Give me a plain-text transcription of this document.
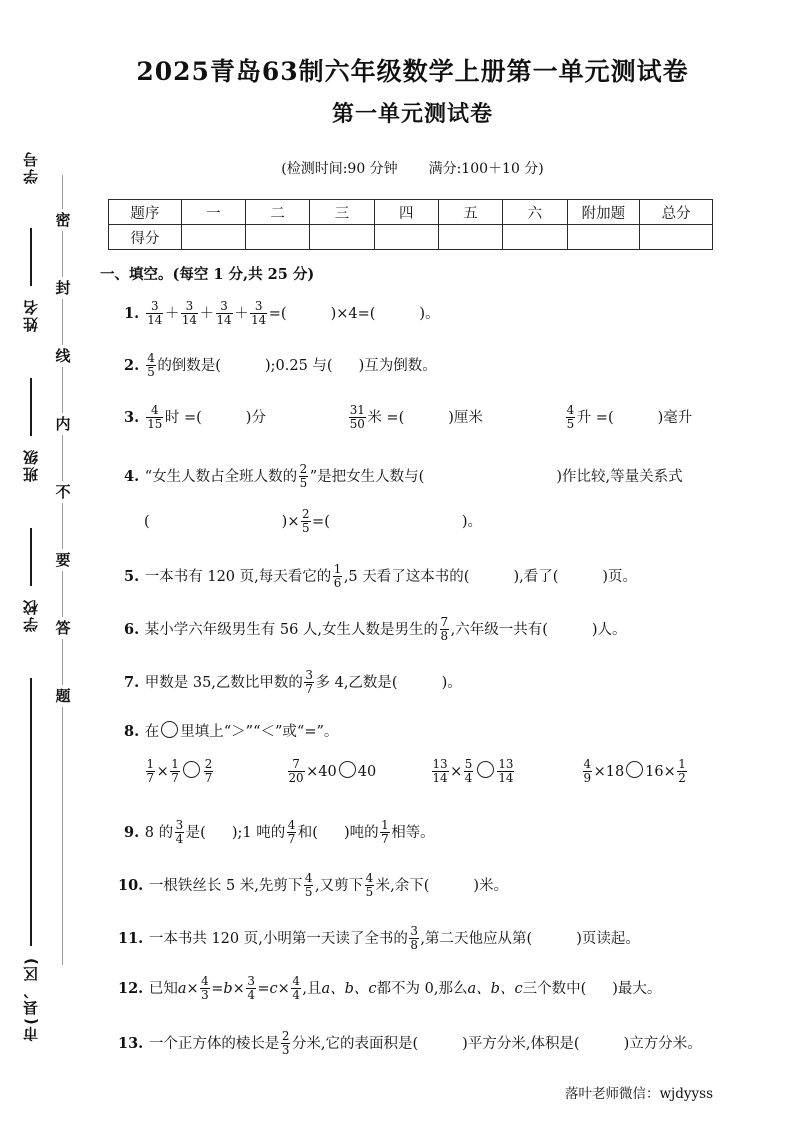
学号
姓名
班级
学校
市(县、区)
密
封
线
内
不
要
答
题
2025青岛63制六年级数学上册第一单元测试卷
第一单元测试卷
(检测时间:90 分钟 满分:100＋10 分)
题序	一	二	三	四	五	六	附加题	总分
得分								
一、填空。(每空 1 分,共 25 分)
1. $\frac{3}{14} + \frac{3}{14} + \frac{3}{14} + \frac{3}{14}$ =(	)×4=(	)。
2. $\frac{4}{5}$ 的倒数是(	);0.25 与( )互为倒数。
3. $\frac{4}{15}$ 时 =(	)分	$\frac{31}{50}$ 米 =(	)厘米	$\frac{4}{5}$ 升 =(	)毫升
4. “女生人数占全班人数的 $\frac{2}{5}$ ”是把女生人数与(	)作比较,等量关系式
(	)× $\frac{2}{5}$ =(	)。
5. 一本书有 120 页,每天看它的 $\frac{1}{6} ,5$ 天看了这本书的(	),看了(	)页。
6. 某小学六年级男生有 56 人,女生人数是男生的 $\frac{7}{8}$ ,六年级一共有(	)人。
7. 甲数是 35,乙数比甲数的 $\frac{3}{7}$ 多 4,乙数是(	)。
8. 在 里填上“＞”“＜”或“=”。
$\frac{1}{7} \times \frac{1}{7} \frac{2}{7}$	$\frac{7}{20} \times 40$ 40	$\frac{13}{14} \times \frac{5}{4} \frac{13}{14}$	$\frac{4}{9} \times 18$ $16\times \frac{1}{2}$
9. 8 的 $\frac{3}{4}$ 是( );1 吨的 $\frac{4}{7}$ 和( )吨的 $\frac{1}{7}$ 相等。
10. 一根铁丝长 5 米,先剪下 $\frac{4}{5}$ ,又剪下 $\frac{4}{5}$ 米,余下(	)米。
11. 一本书共 120 页,小明第一天读了全书的 $\frac{3}{8}$ ,第二天他应从第(	)页读起。
12. 已知$a\times \frac{4}{3} =b\times \frac{3}{4} =c\times \frac{4}{4}$ ,且a、b、c都不为 0,那么a、b、c三个数中( )最大。
13. 一个正方体的棱长是 $\frac{2}{3}$ 分米,它的表面积是(	)平方分米,体积是(	)立方分米。
落叶老师微信：wjdyyss
